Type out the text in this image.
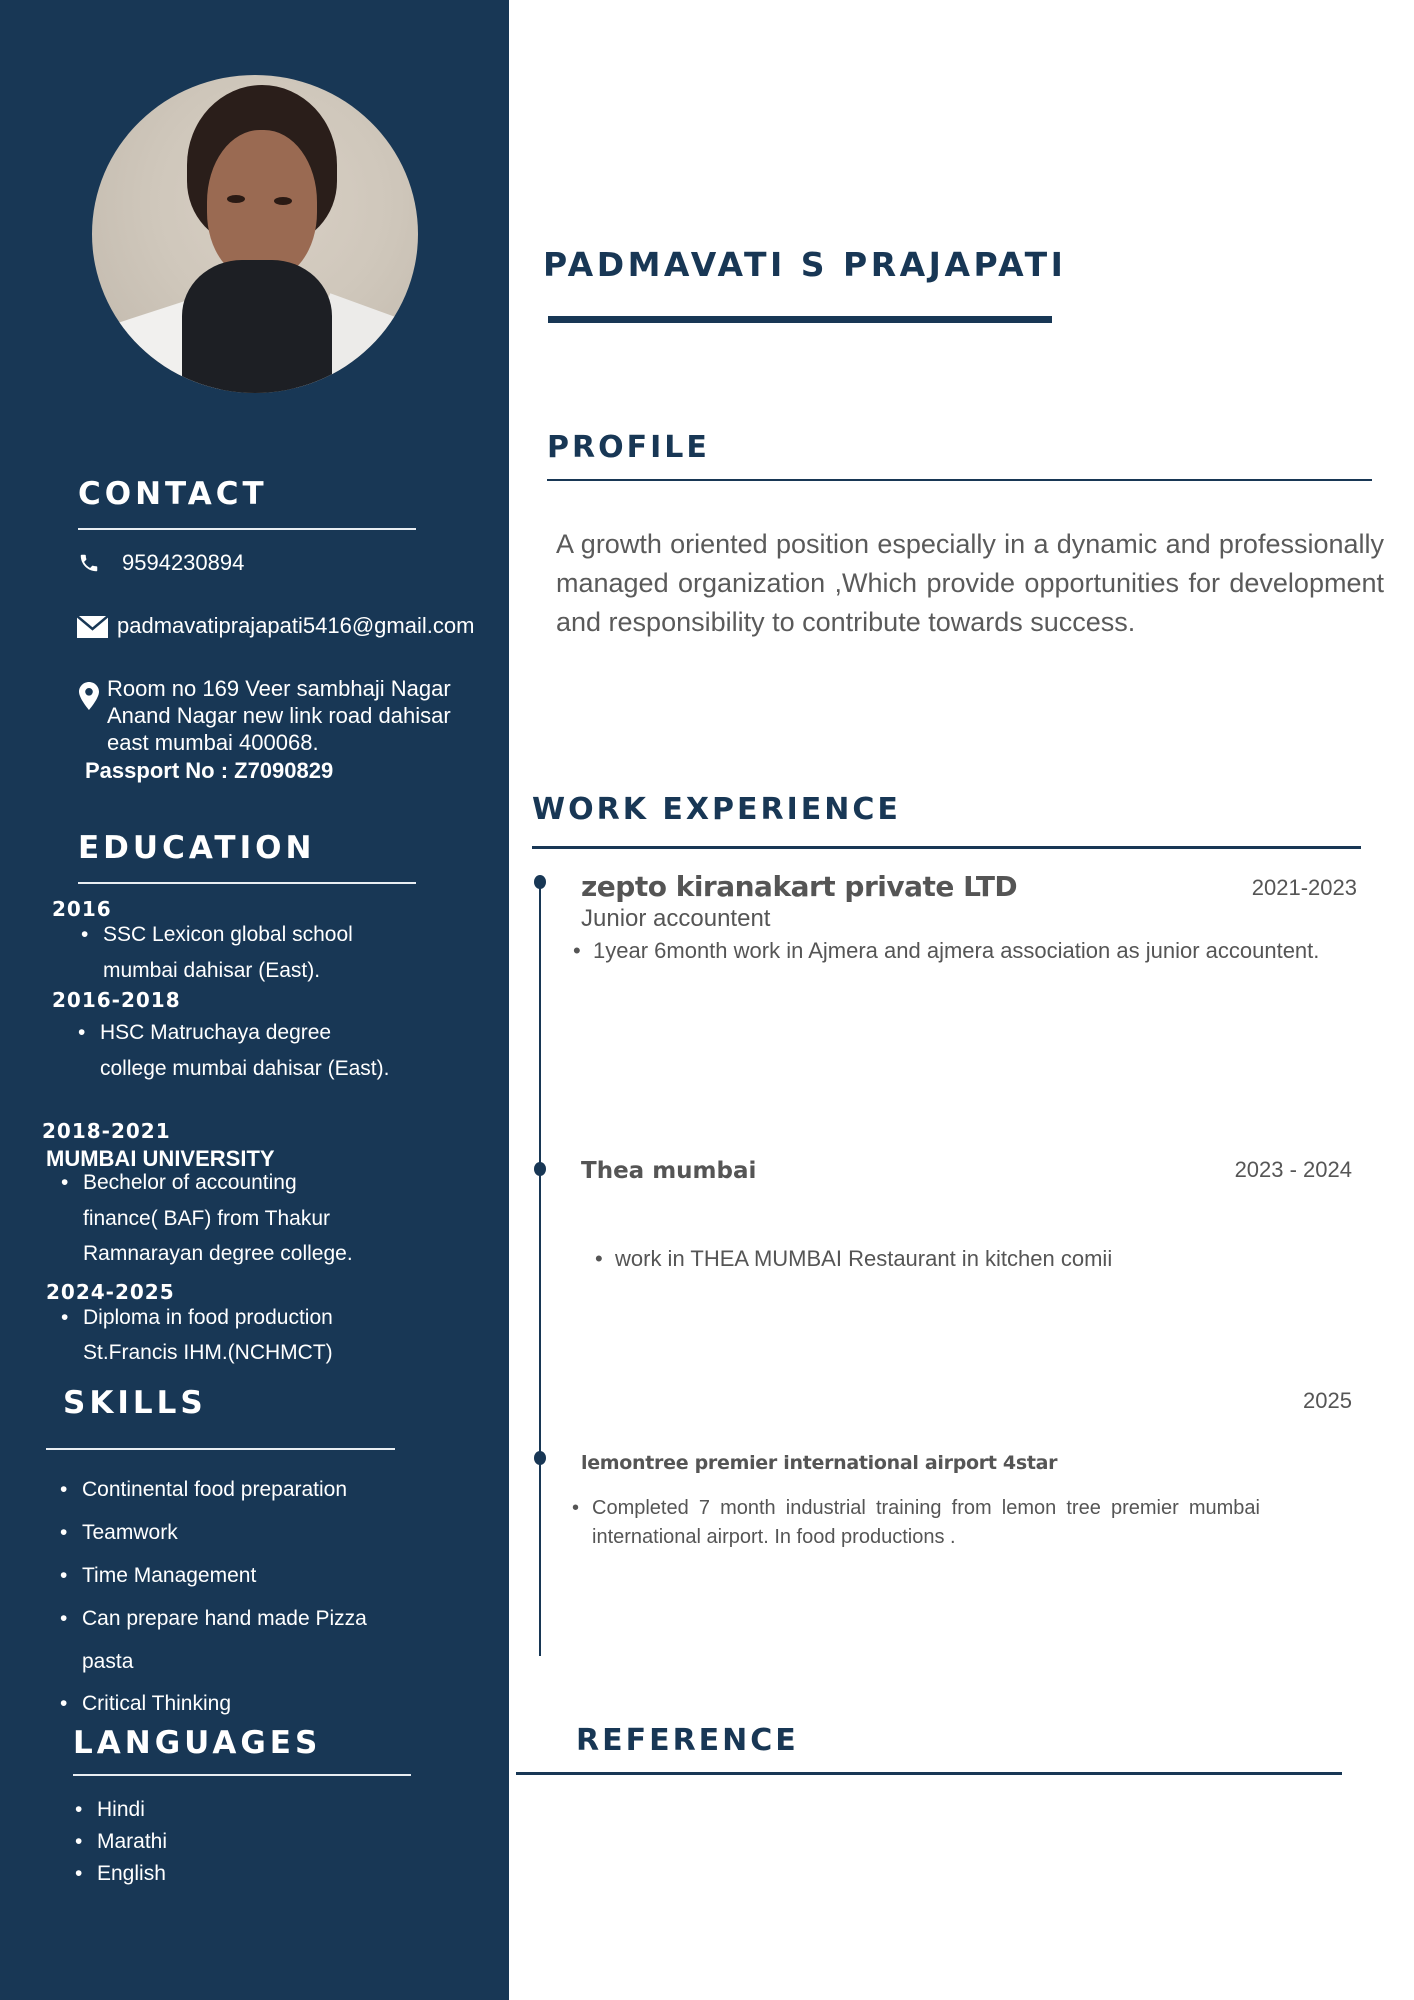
CONTACT
9594230894
padmavatiprajapati5416@gmail.com
Room no 169 Veer sambhaji Nagar
Anand Nagar new link road dahisar
east mumbai 400068.
Passport No : Z7090829
EDUCATION
2016
• SSC Lexicon global school
mumbai dahisar (East).
2016-2018
• HSC Matruchaya degree
college mumbai dahisar (East).
2018-2021
MUMBAI UNIVERSITY
• Bechelor of accounting
finance( BAF) from Thakur
Ramnarayan degree college.
2024-2025
• Diploma in food production
St.Francis IHM.(NCHMCT)
SKILLS
• Continental food preparation
• Teamwork
• Time Management
• Can prepare hand made Pizza
pasta
• Critical Thinking
LANGUAGES
• Hindi
• Marathi
• English
PADMAVATI S PRAJAPATI
PROFILE
A growth oriented position especially in a dynamic and professionally managed organization ,Which provide opportunities for development and responsibility to contribute towards success.
WORK EXPERIENCE
zepto kiranakart private LTD	2021-2023
Junior accountent
• 1year 6month work in Ajmera and ajmera association as junior accountent.
Thea mumbai	2023 - 2024
• work in THEA MUMBAI Restaurant in kitchen comii
2025
lemontree premier international airport 4star
• Completed 7 month industrial training from lemon tree premier mumbai international airport. In food productions .
REFERENCE
